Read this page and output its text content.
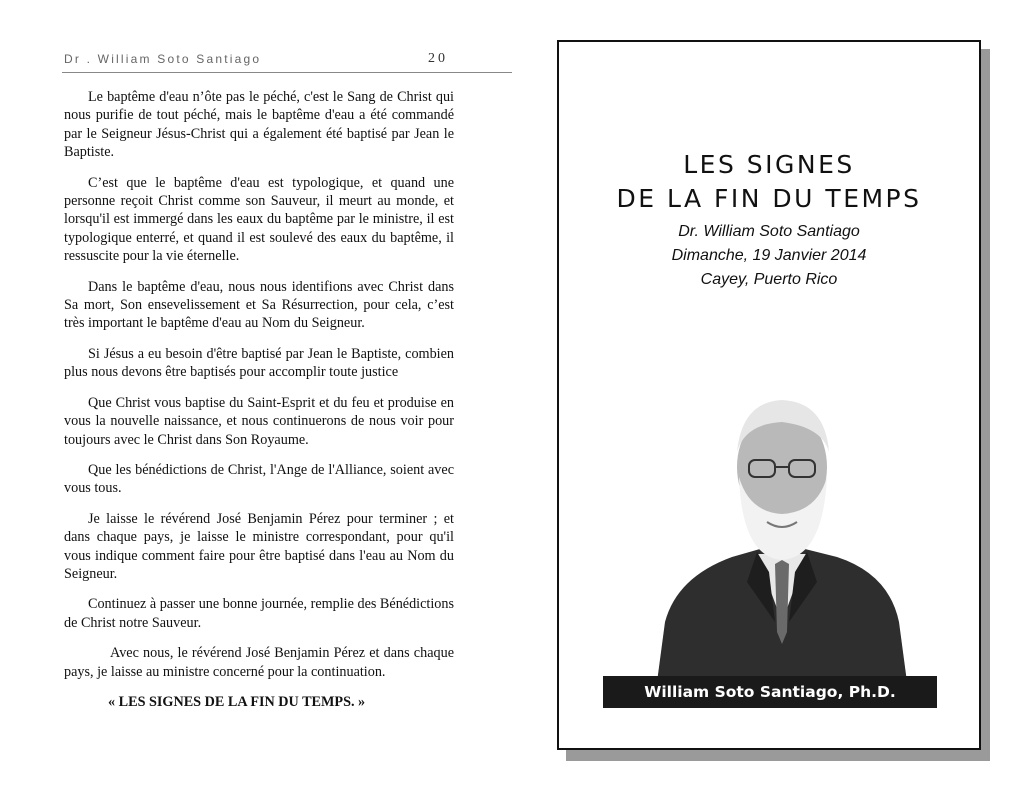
Dr . William Soto Santiago	20

Le baptême d'eau n’ôte pas le péché, c'est le Sang de Christ qui nous purifie de tout péché, mais le baptême d'eau a été commandé par le Seigneur Jésus-Christ qui a également été baptisé par Jean le Baptiste.

C’est que le baptême d'eau est typologique, et quand une personne reçoit Christ comme son Sauveur, il meurt au monde, et lorsqu'il est immergé dans les eaux du baptême par le ministre, il est typologique enterré, et quand il est soulevé des eaux du baptême, il ressuscite pour la vie éternelle.

Dans le baptême d'eau, nous nous identifions avec Christ dans Sa mort, Son ensevelissement et Sa Résurrection, pour cela, c’est très important le baptême d'eau au Nom du Seigneur.

Si Jésus a eu besoin d'être baptisé par Jean le Baptiste, combien plus nous devons être baptisés pour accomplir toute justice

Que Christ vous baptise du Saint-Esprit et du feu et produise en vous la nouvelle naissance, et nous continuerons de nous voir pour toujours avec le Christ dans Son Royaume.

Que les bénédictions de Christ, l'Ange de l'Alliance, soient avec vous tous.

Je laisse le révérend José Benjamin Pérez pour terminer ; et dans chaque pays, je laisse le ministre correspondant, pour qu'il vous indique comment faire pour être baptisé dans l'eau au Nom du Seigneur.

Continuez à passer une bonne journée, remplie des Bénédictions de Christ notre Sauveur.

Avec nous, le révérend José Benjamin Pérez et dans chaque pays, je laisse au ministre concerné pour la continuation.

« LES SIGNES DE LA FIN DU TEMPS. »

LES SIGNES
DE LA FIN DU TEMPS
Dr. William Soto Santiago
Dimanche, 19 Janvier 2014
Cayey, Puerto Rico
William Soto Santiago, Ph.D.
